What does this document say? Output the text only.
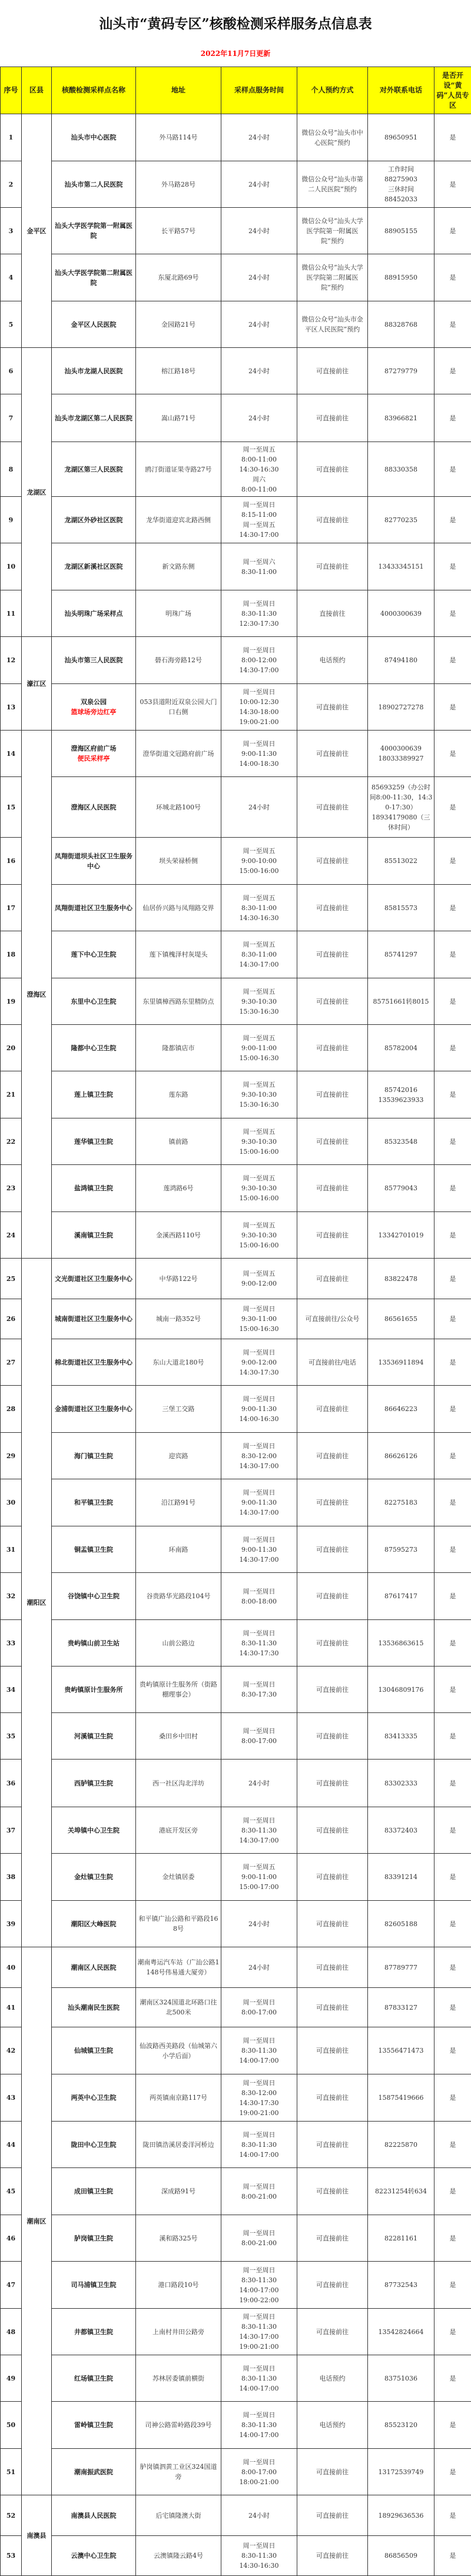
汕头市“黄码专区”核酸检测采样服务点信息表
2022年11月7日更新
序号	区县	核酸检测采样点名称	地址	采样点服务时间	个人预约方式	对外联系电话	是否开设“黄码”人员专区
1	金平区	汕头市中心医院	外马路114号	24小时	微信公众号“汕头市中心医院”预约	89650951	是
2		汕头市第二人民医院	外马路28号	24小时	微信公众号“汕头市第二人民医院”预约	工作时间
88275903
三休时间
88452033	是
3		汕头大学医学院第一附属医院	长平路57号	24小时	微信公众号“汕头大学医学院第一附属医院”预约	88905155	是
4		汕头大学医学院第二附属医院	东厦北路69号	24小时	微信公众号“汕头大学医学院第二附属医院”预约	88915950	是
5		金平区人民医院	金园路21号	24小时	微信公众号“汕头市金平区人民医院”预约	88328768	是
6	龙湖区	汕头市龙湖人民医院	榕江路18号	24小时	可直接前往	87279779	是
7		汕头市龙湖区第二人民医院	嵩山路71号	24小时	可直接前往	83966821	是
8		龙湖区第三人民医院	鸥汀街道证果寺路27号	周一至周五
8:00-11:00
14:30-16:30
周六
8:00-11:00	可直接前往	88330358	是
9		龙湖区外砂社区医院	龙华街道迎宾北路西侧	周一至周日
8:15-11:00
周一至周五
14:30-17:00	可直接前往	82770235	是
10		龙湖区新溪社区医院	新文路东侧	周一至周六
8:30-11:00	可直接前往	13433345151	是
11		汕头明珠广场采样点	明珠广场	周一至周日
8:30-11:30
12:30-17:30	直接前往	4000300639	是
12	濠江区	汕头市第三人民医院	礐石海旁路12号	周一至周日
8:00-12:00
14:30-17:00	电话预约	87494180	是
13		双泉公园
篮球场旁边红亭	053县道附近双泉公园大门口右侧	周一至周日
10:00-12:30
14:30-18:00
19:00-21:00	可直接前往	18902727278	是
14	澄海区	澄海区府前广场
便民采样亭	澄华街道文冠路府前广场	周一至周日
9:00-11:30
14:00-18:30	可直接前往	4000300639
18033389927	是
15		澄海区人民医院	环城北路100号	24小时	可直接前往	85693259（办公时间8:00-11:30，14:30-17:30）
18934179080（三休时间）	是
16		凤翔街道坝头社区卫生服务中心	坝头荣禄桥侧	周一至周五
9:00-10:00
15:00-16:00	可直接前往	85513022	是
17		凤翔街道社区卫生服务中心	仙居侨兴路与凤翔路交界	周一至周五
8:30-11:00
14:30-16:30	可直接前往	85815573	是
18		莲下中心卫生院	莲下镇槐泽村灰堤头	周一至周五
8:30-11:00
14:30-17:00	可直接前往	85741297	是
19		东里中心卫生院	东里镇樟西路东里精防点	周一至周五
9:30-10:30
15:30-16:30	可直接前往	85751661转8015	是
20		隆都中心卫生院	隆都镇店市	周一至周五
9:00-11:00
15:00-16:30	可直接前往	85782004	是
21		莲上镇卫生院	莲东路	周一至周五
9:30-10:30
15:30-16:30	可直接前往	85742016
13539623933	是
22		莲华镇卫生院	镇前路	周一至周五
9:30-10:30
15:00-16:00	可直接前往	85323548	是
23		盐鸿镇卫生院	莲鸿路6号	周一至周五
9:30-10:30
15:00-16:00	可直接前往	85779043	是
24		溪南镇卫生院	金溪西路110号	周一至周五
9:30-10:30
15:00-16:00	可直接前往	13342701019	是
25	潮阳区	文光街道社区卫生服务中心	中华路122号	周一至周五
9:00-12:00	可直接前往	83822478	是
26		城南街道社区卫生服务中心	城南一路352号	周一至周日
9:30-11:00
15:00-16:30	可直接前往/公众号	86561655	是
27		棉北街道社区卫生服务中心	东山大道北180号	周一至周日
9:00-12:00
14:30-17:30	可直接前往/电话	13536911894	是
28		金浦街道社区卫生服务中心	三堡工交路	周一至周日
9:00-11:30
14:00-16:30	可直接前往	86646223	是
29		海门镇卫生院	迎宾路	周一至周日
8:30-12:00
14:30-17:00	可直接前往	86626126	是
30		和平镇卫生院	沿江路91号	周一至周日
9:00-11:30
14:30-17:00	可直接前往	82275183	是
31		铜盂镇卫生院	环南路	周一至周日
9:00-11:30
14:30-17:00	可直接前往	87595273	是
32		谷饶镇中心卫生院	谷贵路华光路段104号	周一至周日
8:00-18:00	可直接前往	87617417	是
33		贵屿镇山前卫生站	山前公路边	周一至周日
8:30-11:30
14:30-17:30	可直接前往	13536863615	是
34		贵屿镇原计生服务所	贵屿镇原计生服务所（街路棚理事会）	周一至周日
8:30-17:30	可直接前往	13046809176	是
35		河溪镇卫生院	桑田乡中田村	周一至周日
8:00-17:00	可直接前往	83413335	是
36		西胪镇卫生院	西一社区沟北洋坊	24小时	可直接前往	83302333	是
37		关埠镇中心卫生院	港底开发区旁	周一至周日
8:30-11:30
14:30-17:00	可直接前往	83372403	是
38		金灶镇卫生院	金灶镇居委	周一至周五
9:00-11:00
15:00-17:00	可直接前往	83391214	是
39		潮阳区大峰医院	和平镇广汕公路和平路段168号	24小时	可直接前往	82605188	是
40	潮南区	潮南区人民医院	潮南粤运汽车站（广汕公路1148号伟易通大厦旁）	24小时	可直接前往	87789777	是
41		汕头潮南民生医院	潮南区324国道北环路口往北500米	周一至周日
8:00-17:00	可直接前往	87833127	是
42		仙城镇卫生院	仙波路西美路段（仙城第六小学后面）	周一至周日
8:30-11:30
14:00-17:00	可直接前往	13556471473	是
43		两英中心卫生院	两英镇南京路117号	周一至周日
8:30-12:00
14:30-17:30
19:00-21:00	可直接前往	15875419666	是
44		陇田中心卫生院	陇田镇浩溪居委洋河桥边	周一至周日
8:30-11:30
14:00-17:00	可直接前往	82225870	是
45		成田镇卫生院	深成路91号	周一至周日
8:00-21:00	可直接前往	82231254转634	是
46		胪岗镇卫生院	溪和路325号	周一至周日
8:00-21:00	可直接前往	82281161	是
47		司马浦镇卫生院	港口路段10号	周一至周日
8:30-11:30
14:00-17:00
19:00-22:00	可直接前往	87732543	是
48		井都镇卫生院	上南村井田公路旁	周一至周日
8:30-11:30
14:30-17:00
19:00-21:00	可直接前往	13542824664	是
49		红场镇卫生院	苏林居委镇前横街	周一至周日
8:30-11:30
14:00-17:00	电话预约	83751036	是
50		雷岭镇卫生院	司神公路雷岭路段39号	周一至周日
8:30-11:30
14:00-17:00	电话预约	85523120	是
51		潮南振武医院	胪岗镇泗黄工业区324国道旁	周一至周日
8:00-17:00
18:00-21:00	可直接前往	13172539749	是
52	南澳县	南澳县人民医院	后宅镇隆澳大街	24小时	可直接前往	18929636536	是
53		云澳中心卫生院	云澳镇隆云路4号	周一至周日
8:30-11:30
14:30-16:30	可直接前往	86856509	是
